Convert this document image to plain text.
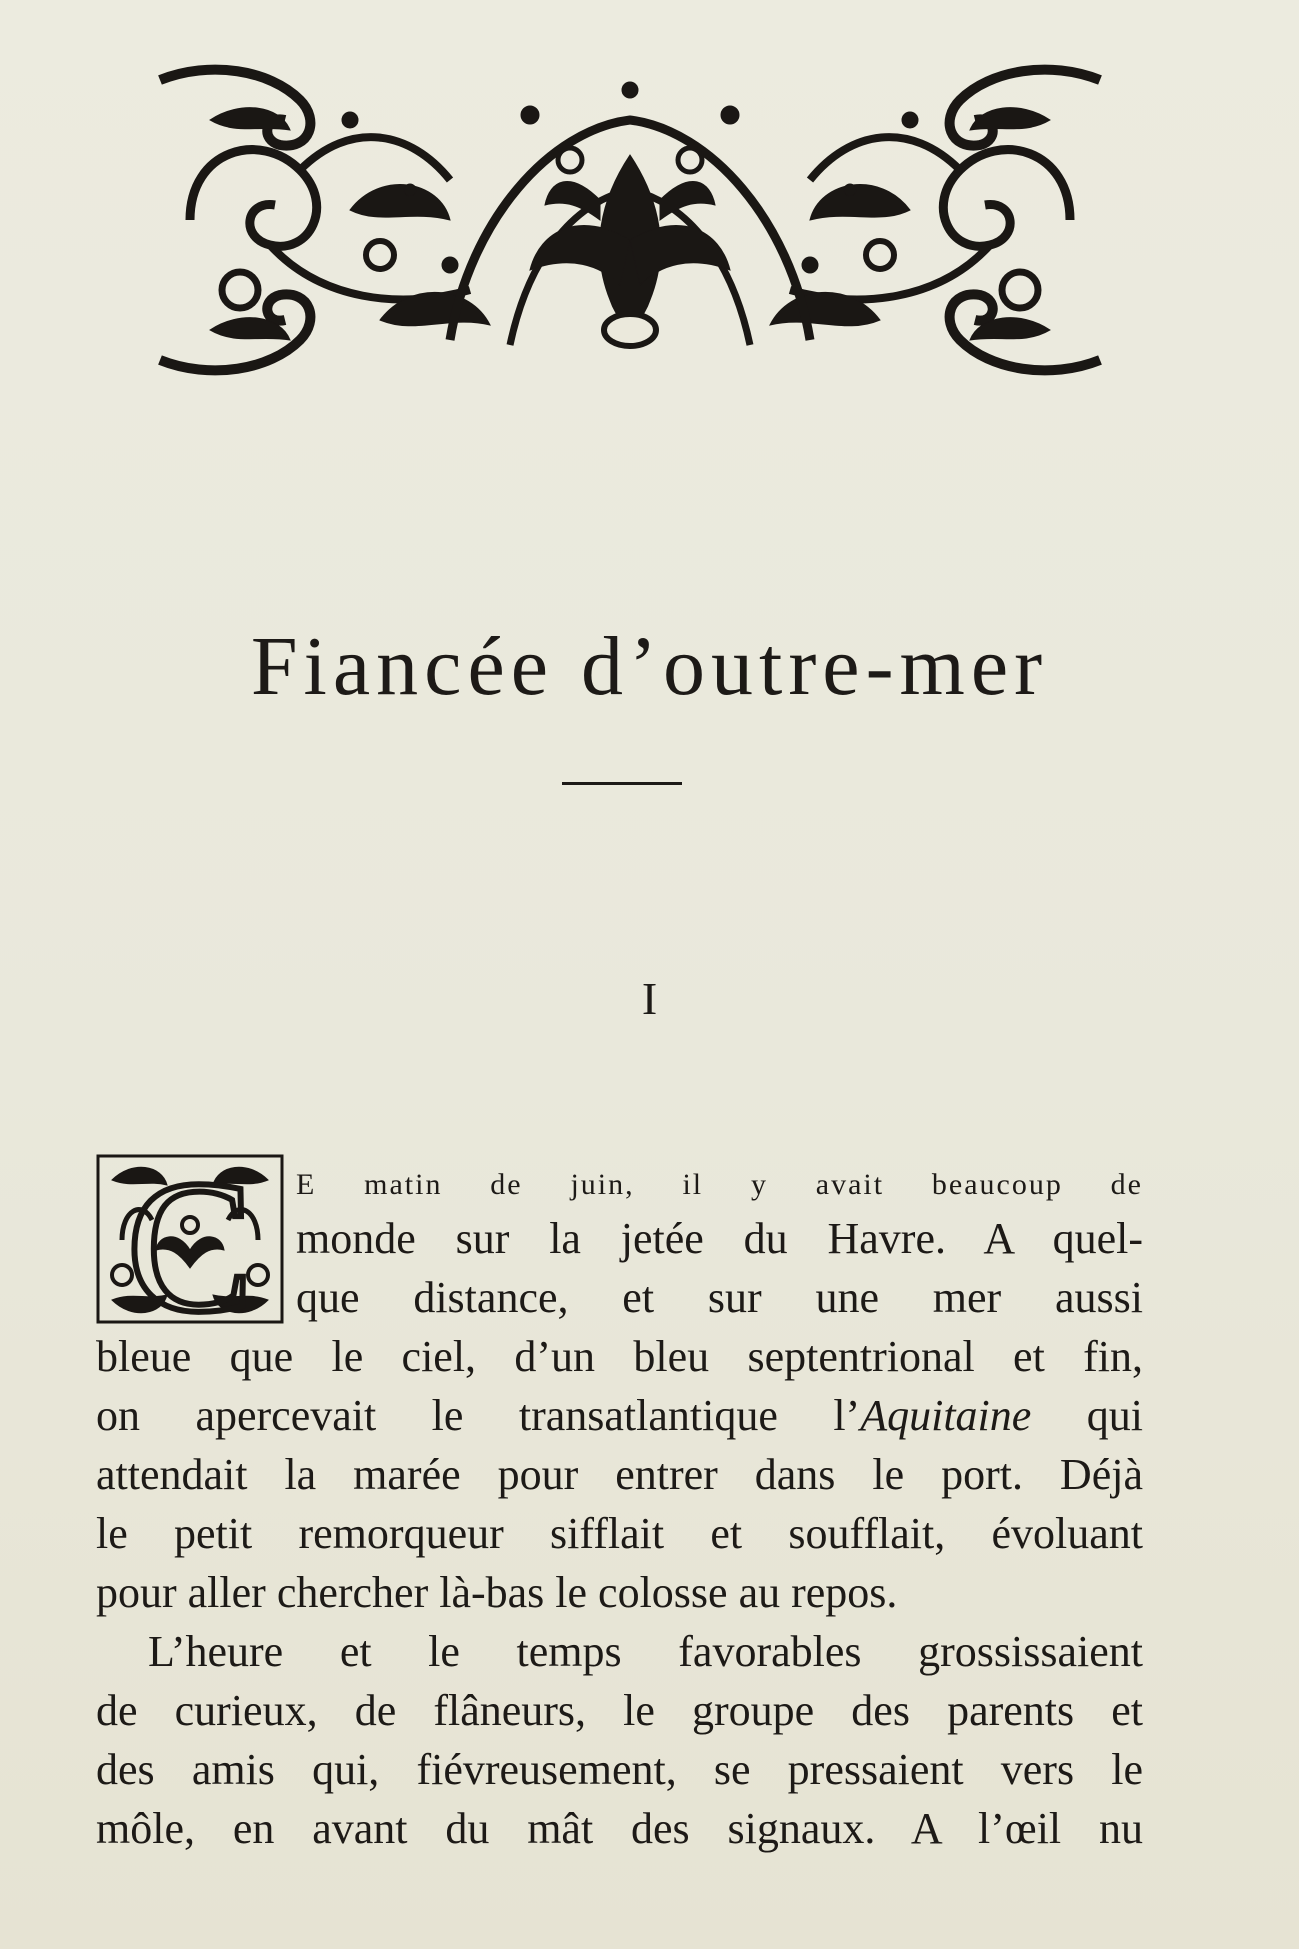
Fiancée d’outre-mer
I
C	E matin de juin, il y avait beaucoup de
monde sur la jetée du Havre. A quel-
que distance, et sur une mer aussi
bleue que le ciel, d’un bleu septentrional et fin,
on apercevait le transatlantique l’Aquitaine qui
attendait la marée pour entrer dans le port. Déjà
le petit remorqueur sifflait et soufflait, évoluant
pour aller chercher là-bas le colosse au repos.
L’heure et le temps favorables grossissaient
de curieux, de flâneurs, le groupe des parents et
des amis qui, fiévreusement, se pressaient vers le
môle, en avant du mât des signaux. A l’œil nu
